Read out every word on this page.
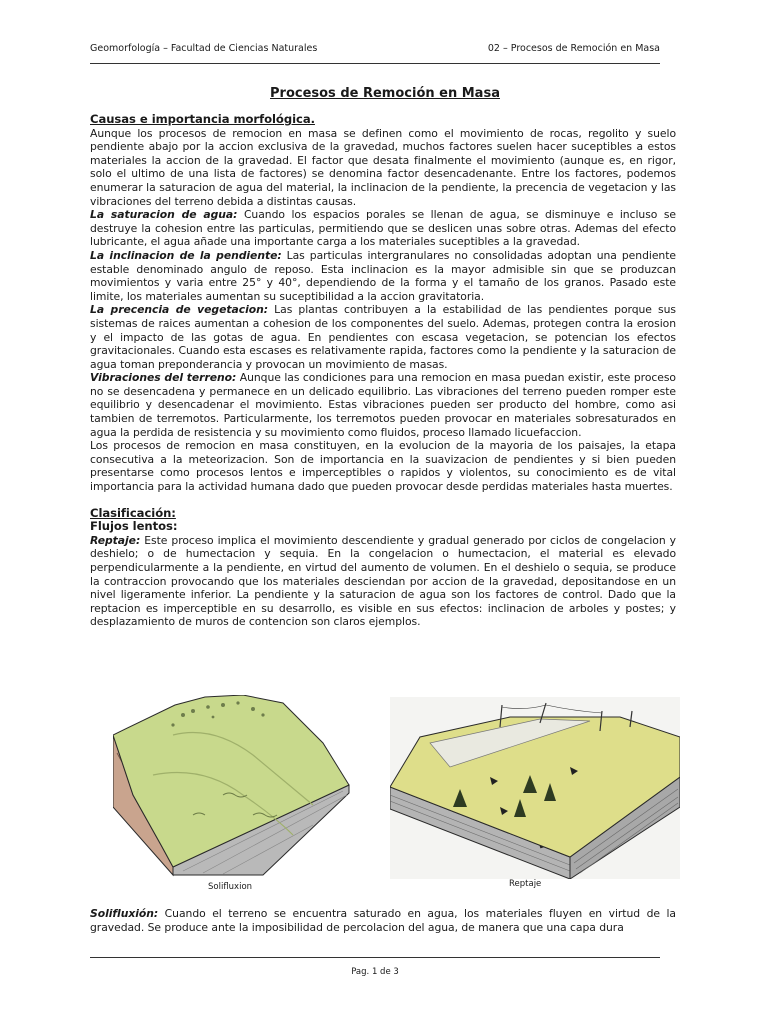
Geomorfología – Facultad de Ciencias Naturales	02 – Procesos de Remoción en Masa
Procesos de Remoción en Masa

Causas e importancia morfológica.

Aunque los procesos de remocion en masa se definen como el movimiento de rocas, regolito y suelo pendiente abajo por la accion exclusiva de la gravedad, muchos factores suelen hacer suceptibles a estos materiales la accion de la gravedad. El factor que desata finalmente el movimiento (aunque es, en rigor, solo el ultimo de una lista de factores) se denomina factor desencadenante. Entre los factores, podemos enumerar la saturacion de agua del material, la inclinacion de la pendiente, la precencia de vegetacion y las vibraciones del terreno debida a distintas causas.

La saturacion de agua: Cuando los espacios porales se llenan de agua, se disminuye e incluso se destruye la cohesion entre las particulas, permitiendo que se deslicen unas sobre otras. Ademas del efecto lubricante, el agua añade una importante carga a los materiales suceptibles a la gravedad.

La inclinacion de la pendiente: Las particulas intergranulares no consolidadas adoptan una pendiente estable denominado angulo de reposo. Esta inclinacion es la mayor admisible sin que se produzcan movimientos y varia entre 25° y 40°, dependiendo de la forma y el tamaño de los granos. Pasado este limite, los materiales aumentan su suceptibilidad a la accion gravitatoria.

La precencia de vegetacion: Las plantas contribuyen a la estabilidad de las pendientes porque sus sistemas de raices aumentan a cohesion de los componentes del suelo. Ademas, protegen contra la erosion y el impacto de las gotas de agua. En pendientes con escasa vegetacion, se potencian los efectos gravitacionales. Cuando esta escases es relativamente rapida, factores como la pendiente y la saturacion de agua toman preponderancia y provocan un movimiento de masas.

Vibraciones del terreno: Aunque las condiciones para una remocion en masa puedan existir, este proceso no se desencadena y permanece en un delicado equilibrio. Las vibraciones del terreno pueden romper este equilibrio y desencadenar el movimiento. Estas vibraciones pueden ser producto del hombre, como asi tambien de terremotos. Particularmente, los terremotos pueden provocar en materiales sobresaturados en agua la perdida de resistencia y su movimiento como fluidos, proceso llamado licuefaccion.

Los procesos de remocion en masa constituyen, en la evolucion de la mayoria de los paisajes, la etapa consecutiva a la meteorizacion. Son de importancia en la suavizacion de pendientes y si bien pueden presentarse como procesos lentos e imperceptibles o rapidos y violentos, su conocimiento es de vital importancia para la actividad humana dado que pueden provocar desde perdidas materiales hasta muertes.

Clasificación:

Flujos lentos:

Reptaje: Este proceso implica el movimiento descendiente y gradual generado por ciclos de congelacion y deshielo; o de humectacion y sequia. En la congelacion o humectacion, el material es elevado perpendicularmente a la pendiente, en virtud del aumento de volumen. En el deshielo o sequia, se produce la contraccion provocando que los materiales desciendan por accion de la gravedad, depositandose en un nivel ligeramente inferior. La pendiente y la saturacion de agua son los factores de control. Dado que la reptacion es imperceptible en su desarrollo, es visible en sus efectos: inclinacion de arboles y postes; y desplazamiento de muros de contencion son claros ejemplos.

Solifluxion	Reptaje

Solifluxión: Cuando el terreno se encuentra saturado en agua, los materiales fluyen en virtud de la gravedad. Se produce ante la imposibilidad de percolacion del agua, de manera que una capa dura

Pag. 1 de 3
